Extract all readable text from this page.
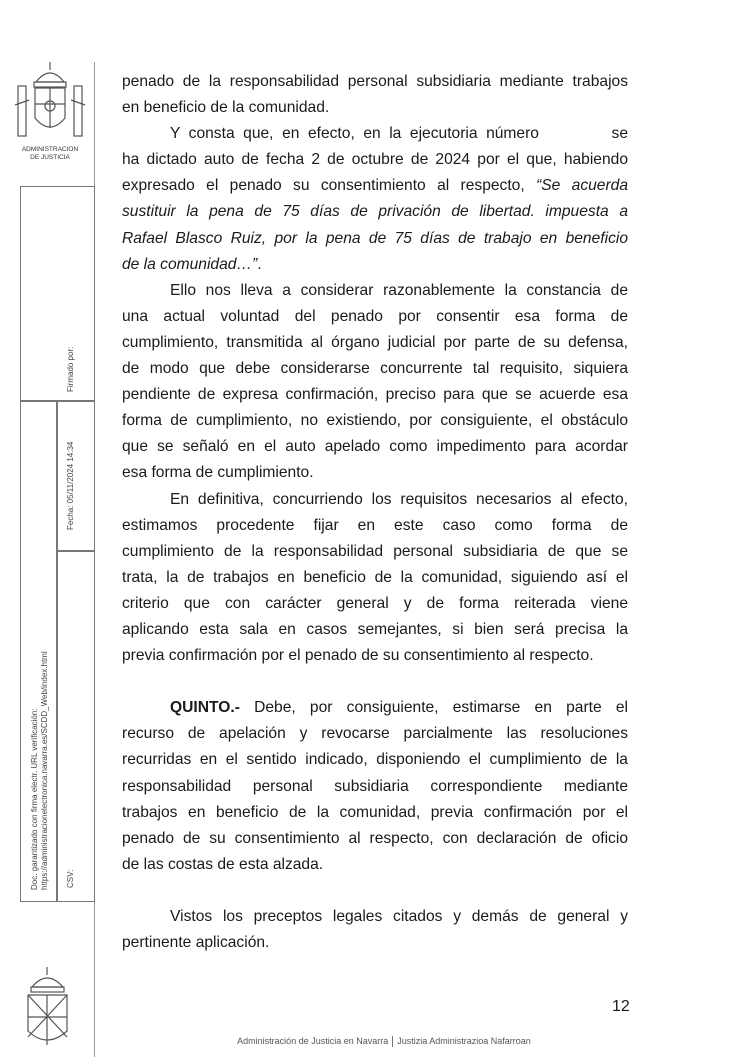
ADMINISTRACION
DE JUSTICIA
Firmado por:
Fecha: 05/11/2024 14:34
Doc. garantizado con firma electr. URL verificación: https://administracionelectronica.navarra.es/SCDD_Web/index.html CSV:
penado de la responsabilidad personal subsidiaria mediante trabajos
en beneficio de la comunidad.
Y consta que, en efecto, en la ejecutoria número	se
ha dictado auto de fecha 2 de octubre de 2024 por el que, habiendo
expresado el penado su consentimiento al respecto, “Se acuerda
sustituir la pena de 75 días de privación de libertad. impuesta a
Rafael Blasco Ruiz, por la pena de 75 días de trabajo en beneficio
de la comunidad…”.
Ello nos lleva a considerar razonablemente la constancia de
una actual voluntad del penado por consentir esa forma de
cumplimiento, transmitida al órgano judicial por parte de su defensa,
de modo que debe considerarse concurrente tal requisito, siquiera
pendiente de expresa confirmación, preciso para que se acuerde esa
forma de cumplimiento, no existiendo, por consiguiente, el obstáculo
que se señaló en el auto apelado como impedimento para acordar
esa forma de cumplimiento.
En definitiva, concurriendo los requisitos necesarios al efecto,
estimamos procedente fijar en este caso como forma de
cumplimiento de la responsabilidad personal subsidiaria de que se
trata, la de trabajos en beneficio de la comunidad, siguiendo así el
criterio que con carácter general y de forma reiterada viene
aplicando esta sala en casos semejantes, si bien será precisa la
previa confirmación por el penado de su consentimiento al respecto.
QUINTO.- Debe, por consiguiente, estimarse en parte el
recurso de apelación y revocarse parcialmente las resoluciones
recurridas en el sentido indicado, disponiendo el cumplimiento de la
responsabilidad personal subsidiaria correspondiente mediante
trabajos en beneficio de la comunidad, previa confirmación por el
penado de su consentimiento al respecto, con declaración de oficio
de las costas de esta alzada.
Vistos los preceptos legales citados y demás de general y
pertinente aplicación.
12
Administración de Justicia en Navarra Justizia Administrazioa Nafarroan
